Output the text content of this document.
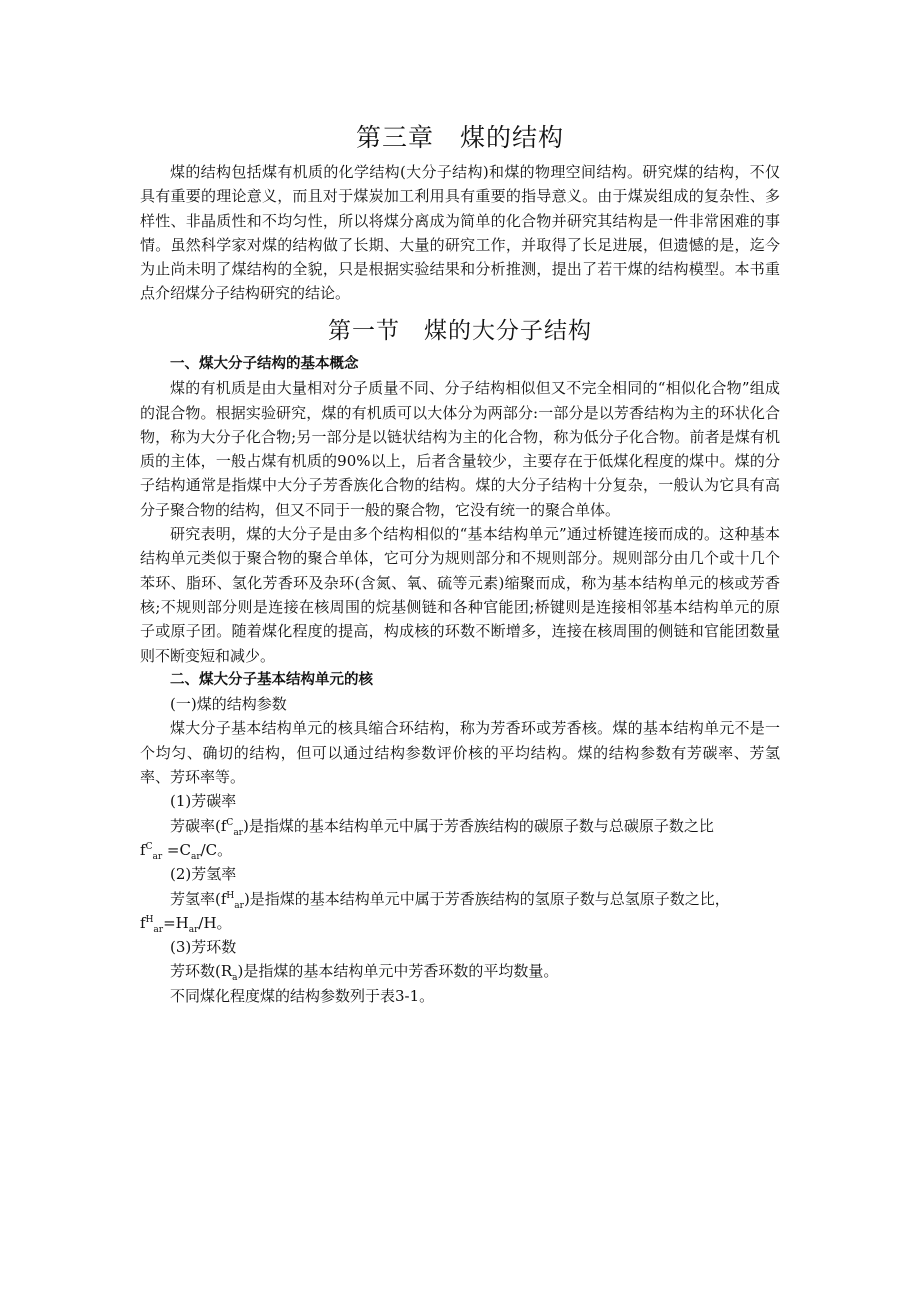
第三章　煤的结构

煤的结构包括煤有机质的化学结构(大分子结构)和煤的物理空间结构。研究煤的结构，不仅具有重要的理论意义，而且对于煤炭加工利用具有重要的指导意义。由于煤炭组成的复杂性、多样性、非晶质性和不均匀性，所以将煤分离成为简单的化合物并研究其结构是一件非常困难的事情。虽然科学家对煤的结构做了长期、大量的研究工作，并取得了长足进展，但遗憾的是，迄今为止尚未明了煤结构的全貌，只是根据实验结果和分析推测，提出了若干煤的结构模型。本书重点介绍煤分子结构研究的结论。

第一节　煤的大分子结构

一、煤大分子结构的基本概念

煤的有机质是由大量相对分子质量不同、分子结构相似但又不完全相同的“相似化合物”组成的混合物。根据实验研究，煤的有机质可以大体分为两部分:一部分是以芳香结构为主的环状化合物，称为大分子化合物;另一部分是以链状结构为主的化合物，称为低分子化合物。前者是煤有机质的主体，一般占煤有机质的90%以上，后者含量较少，主要存在于低煤化程度的煤中。煤的分子结构通常是指煤中大分子芳香族化合物的结构。煤的大分子结构十分复杂，一般认为它具有高分子聚合物的结构，但又不同于一般的聚合物，它没有统一的聚合单体。

研究表明，煤的大分子是由多个结构相似的“基本结构单元”通过桥键连接而成的。这种基本结构单元类似于聚合物的聚合单体，它可分为规则部分和不规则部分。规则部分由几个或十几个苯环、脂环、氢化芳香环及杂环(含氮、氧、硫等元素)缩聚而成，称为基本结构单元的核或芳香核;不规则部分则是连接在核周围的烷基侧链和各种官能团;桥键则是连接相邻基本结构单元的原子或原子团。随着煤化程度的提高，构成核的环数不断增多，连接在核周围的侧链和官能团数量则不断变短和减少。

二、煤大分子基本结构单元的核

(一)煤的结构参数

煤大分子基本结构单元的核具缩合环结构，称为芳香环或芳香核。煤的基本结构单元不是一个均匀、确切的结构，但可以通过结构参数评价核的平均结构。煤的结构参数有芳碳率、芳氢率、芳环率等。

(1)芳碳率

芳碳率$(f^C_{ar})$是指煤的基本结构单元中属于芳香族结构的碳原子数与总碳原子数之比

$f^C_{ar} =C_{ar}/C$。

(2)芳氢率

芳氢率$(f^H_{ar})$是指煤的基本结构单元中属于芳香族结构的氢原子数与总氢原子数之比，

$f^H_{ar}=H_{ar}/H$。

(3)芳环数

芳环数$(R_a)$是指煤的基本结构单元中芳香环数的平均数量。

不同煤化程度煤的结构参数列于表3-1。
